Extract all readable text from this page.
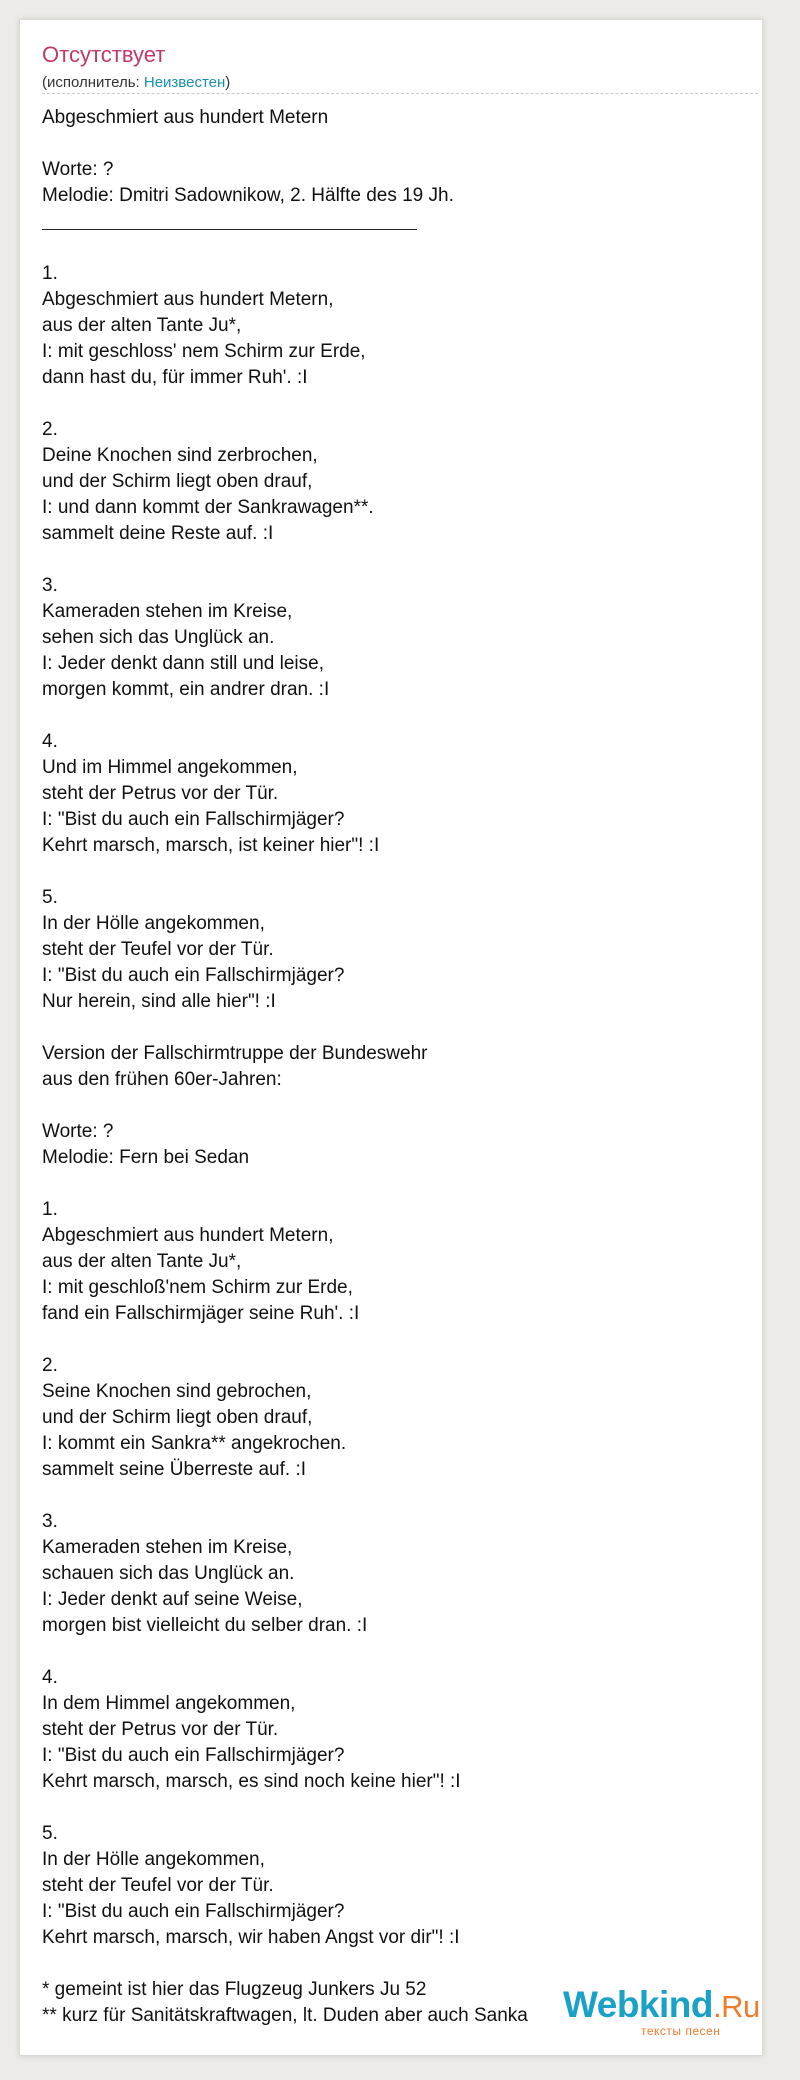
Отсутствует
(исполнитель: Неизвестен)
Abgeschmiert aus hundert Metern
Worte: ?
Melodie: Dmitri Sadownikow, 2. Hälfte des 19 Jh.
1.
Abgeschmiert aus hundert Metern,
aus der alten Tante Ju*,
I: mit geschloss' nem Schirm zur Erde,
dann hast du, für immer Ruh'. :I
2.
Deine Knochen sind zerbrochen,
und der Schirm liegt oben drauf,
I: und dann kommt der Sankrawagen**.
sammelt deine Reste auf. :I
3.
Kameraden stehen im Kreise,
sehen sich das Unglück an.
I: Jeder denkt dann still und leise,
morgen kommt, ein andrer dran. :I
4.
Und im Himmel angekommen,
steht der Petrus vor der Tür.
I: "Bist du auch ein Fallschirmjäger?
Kehrt marsch, marsch, ist keiner hier"! :I
5.
In der Hölle angekommen,
steht der Teufel vor der Tür.
I: "Bist du auch ein Fallschirmjäger?
Nur herein, sind alle hier"! :I
Version der Fallschirmtruppe der Bundeswehr
aus den frühen 60er-Jahren:
Worte: ?
Melodie: Fern bei Sedan
1.
Abgeschmiert aus hundert Metern,
aus der alten Tante Ju*,
I: mit geschloß'nem Schirm zur Erde,
fand ein Fallschirmjäger seine Ruh'. :I
2.
Seine Knochen sind gebrochen,
und der Schirm liegt oben drauf,
I: kommt ein Sankra** angekrochen.
sammelt seine Überreste auf. :I
3.
Kameraden stehen im Kreise,
schauen sich das Unglück an.
I: Jeder denkt auf seine Weise,
morgen bist vielleicht du selber dran. :I
4.
In dem Himmel angekommen,
steht der Petrus vor der Tür.
I: "Bist du auch ein Fallschirmjäger?
Kehrt marsch, marsch, es sind noch keine hier"! :I
5.
In der Hölle angekommen,
steht der Teufel vor der Tür.
I: "Bist du auch ein Fallschirmjäger?
Kehrt marsch, marsch, wir haben Angst vor dir"! :I
* gemeint ist hier das Flugzeug Junkers Ju 52
** kurz für Sanitätskraftwagen, lt. Duden aber auch Sanka Webkind.Ru
тексты песен
